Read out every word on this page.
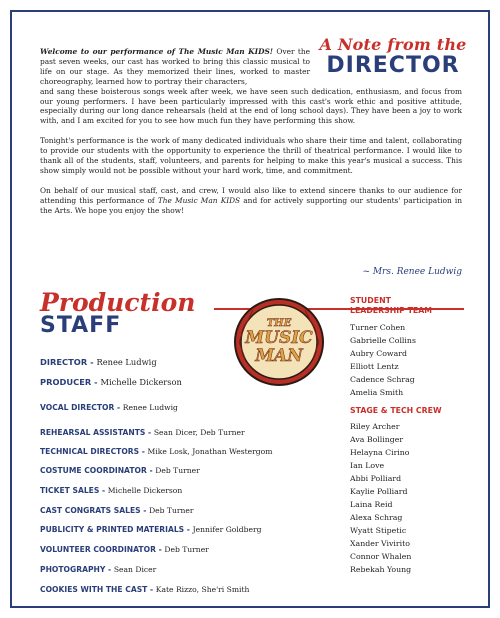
A Note from the
DIRECTOR

Welcome to our performance of The Music Man KIDS! Over the past seven weeks, our cast has worked to bring this classic musical to life on our stage. As they memorized their lines, worked to master choreography, learned how to portray their characters,
and sang these boisterous songs week after week, we have seen such dedication, enthusiasm, and focus from our young performers. I have been particularly impressed with this cast's work ethic and positive attitude, especially during our long dance rehearsals (held at the end of long school days). They have been a joy to work with, and I am excited for you to see how much fun they have performing this show.

Tonight's performance is the work of many dedicated individuals who share their time and talent, collaborating to provide our students with the opportunity to experience the thrill of theatrical performance. I would like to thank all of the students, staff, volunteers, and parents for helping to make this year's musical a success. This show simply would not be possible without your hard work, time, and commitment.

On behalf of our musical staff, cast, and crew, I would also like to extend sincere thanks to our audience for attending this performance of The Music Man KIDS and for actively supporting our students' participation in the Arts. We hope you enjoy the show!

~ Mrs. Renee Ludwig
Production
STAFF	THE
MUSIC
MAN
DIRECTOR - Renee Ludwig
PRODUCER - Michelle Dickerson
VOCAL DIRECTOR - Renee Ludwig
REHEARSAL ASSISTANTS - Sean Dicer, Deb Turner
TECHNICAL DIRECTORS - Mike Losk, Jonathan Westergom
COSTUME COORDINATOR - Deb Turner
TICKET SALES - Michelle Dickerson
CAST CONGRATS SALES - Deb Turner
PUBLICITY & PRINTED MATERIALS - Jennifer Goldberg
VOLUNTEER COORDINATOR - Deb Turner
PHOTOGRAPHY - Sean Dicer
COOKIES WITH THE CAST - Kate Rizzo, She'ri Smith
STUDENT
LEADERSHIP TEAM
Turner Cohen
Gabrielle Collins
Aubry Coward
Elliott Lentz
Cadence Schrag
Amelia Smith
STAGE & TECH CREW
Riley Archer
Ava Bollinger
Helayna Cirino
Ian Love
Abbi Polliard
Kaylie Polliard
Laina Reid
Alexa Schrag
Wyatt Stipetic
Xander Vivirito
Connor Whalen
Rebekah Young
